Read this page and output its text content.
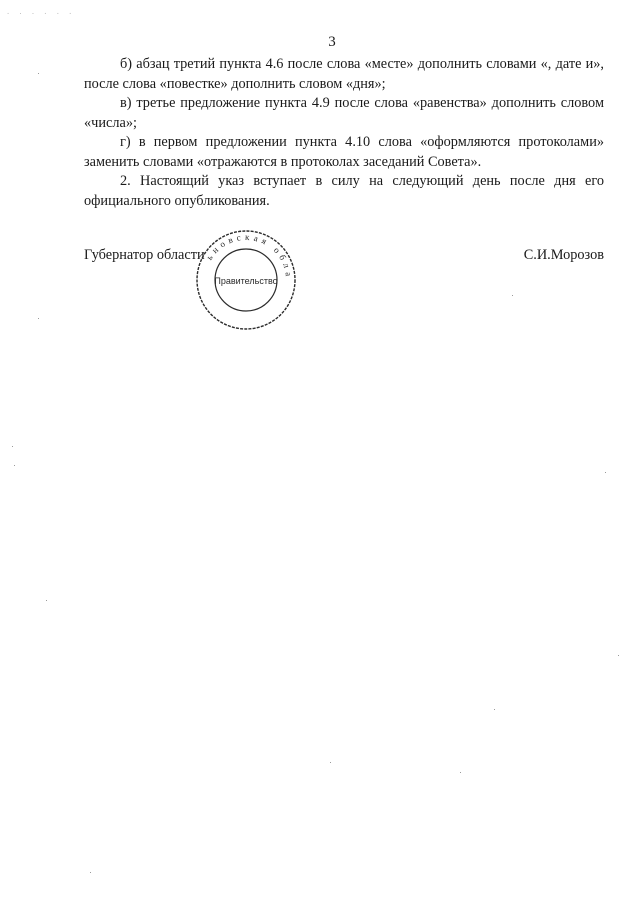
. . . . . .
3

б) абзац третий пункта 4.6 после слова «месте» дополнить словами «, дате и», после слова «повестке» дополнить словом «дня»;

в) третье предложение пункта 4.9 после слова «равенства» дополнить словом «числа»;

г) в первом предложении пункта 4.10 слова «оформляются протоколами» заменить словами «отражаются в протоколах заседаний Совета».

2. Настоящий указ вступает в силу на следующий день после дня его официального опубликования.

Губернатор области	С.И.Морозов
ьновская обла
Правительство
